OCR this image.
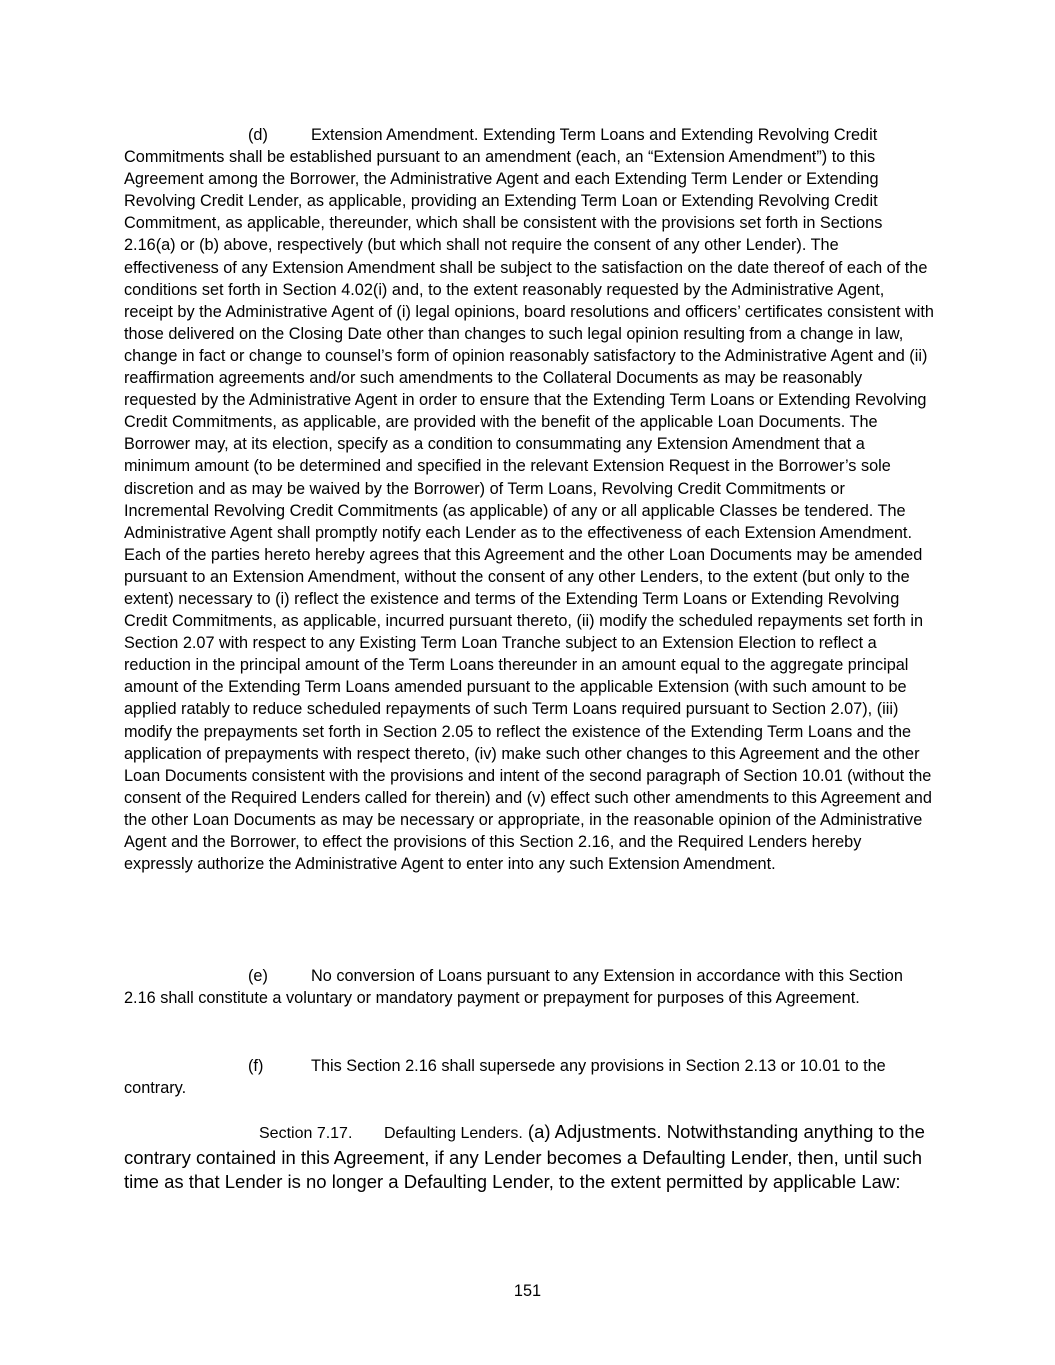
(d)	Extension Amendment. Extending Term Loans and Extending Revolving Credit Commitments shall be established pursuant to an amendment (each, an “Extension Amendment”) to this Agreement among the Borrower, the Administrative Agent and each Extending Term Lender or Extending Revolving Credit Lender, as applicable, providing an Extending Term Loan or Extending Revolving Credit Commitment, as applicable, thereunder, which shall be consistent with the provisions set forth in Sections 2.16(a) or (b) above, respectively (but which shall not require the consent of any other Lender). The effectiveness of any Extension Amendment shall be subject to the satisfaction on the date thereof of each of the conditions set forth in Section 4.02(i) and, to the extent reasonably requested by the Administrative Agent, receipt by the Administrative Agent of (i) legal opinions, board resolutions and officers’ certificates consistent with those delivered on the Closing Date other than changes to such legal opinion resulting from a change in law, change in fact or change to counsel’s form of opinion reasonably satisfactory to the Administrative Agent and (ii) reaffirmation agreements and/or such amendments to the Collateral Documents as may be reasonably requested by the Administrative Agent in order to ensure that the Extending Term Loans or Extending Revolving Credit Commitments, as applicable, are provided with the benefit of the applicable Loan Documents. The Borrower may, at its election, specify as a condition to consummating any Extension Amendment that a minimum amount (to be determined and specified in the relevant Extension Request in the Borrower’s sole discretion and as may be waived by the Borrower) of Term Loans, Revolving Credit Commitments or Incremental Revolving Credit Commitments (as applicable) of any or all applicable Classes be tendered. The Administrative Agent shall promptly notify each Lender as to the effectiveness of each Extension Amendment. Each of the parties hereto hereby agrees that this Agreement and the other Loan Documents may be amended pursuant to an Extension Amendment, without the consent of any other Lenders, to the extent (but only to the extent) necessary to (i) reflect the existence and terms of the Extending Term Loans or Extending Revolving Credit Commitments, as applicable, incurred pursuant thereto, (ii) modify the scheduled repayments set forth in Section 2.07 with respect to any Existing Term Loan Tranche subject to an Extension Election to reflect a reduction in the principal amount of the Term Loans thereunder in an amount equal to the aggregate principal amount of the Extending Term Loans amended pursuant to the applicable Extension (with such amount to be applied ratably to reduce scheduled repayments of such Term Loans required pursuant to Section 2.07), (iii) modify the prepayments set forth in Section 2.05 to reflect the existence of the Extending Term Loans and the application of prepayments with respect thereto, (iv) make such other changes to this Agreement and the other Loan Documents consistent with the provisions and intent of the second paragraph of Section 10.01 (without the consent of the Required Lenders called for therein) and (v) effect such other amendments to this Agreement and the other Loan Documents as may be necessary or appropriate, in the reasonable opinion of the Administrative Agent and the Borrower, to effect the provisions of this Section 2.16, and the Required Lenders hereby expressly authorize the Administrative Agent to enter into any such Extension Amendment.

(e)	No conversion of Loans pursuant to any Extension in accordance with this Section 2.16 shall constitute a voluntary or mandatory payment or prepayment for purposes of this Agreement.

(f)	This Section 2.16 shall supersede any provisions in Section 2.13 or 10.01 to the contrary.

Section 7.17. Defaulting Lenders. (a) Adjustments. Notwithstanding anything to the contrary contained in this Agreement, if any Lender becomes a Defaulting Lender, then, until such time as that Lender is no longer a Defaulting Lender, to the extent permitted by applicable Law:

151
